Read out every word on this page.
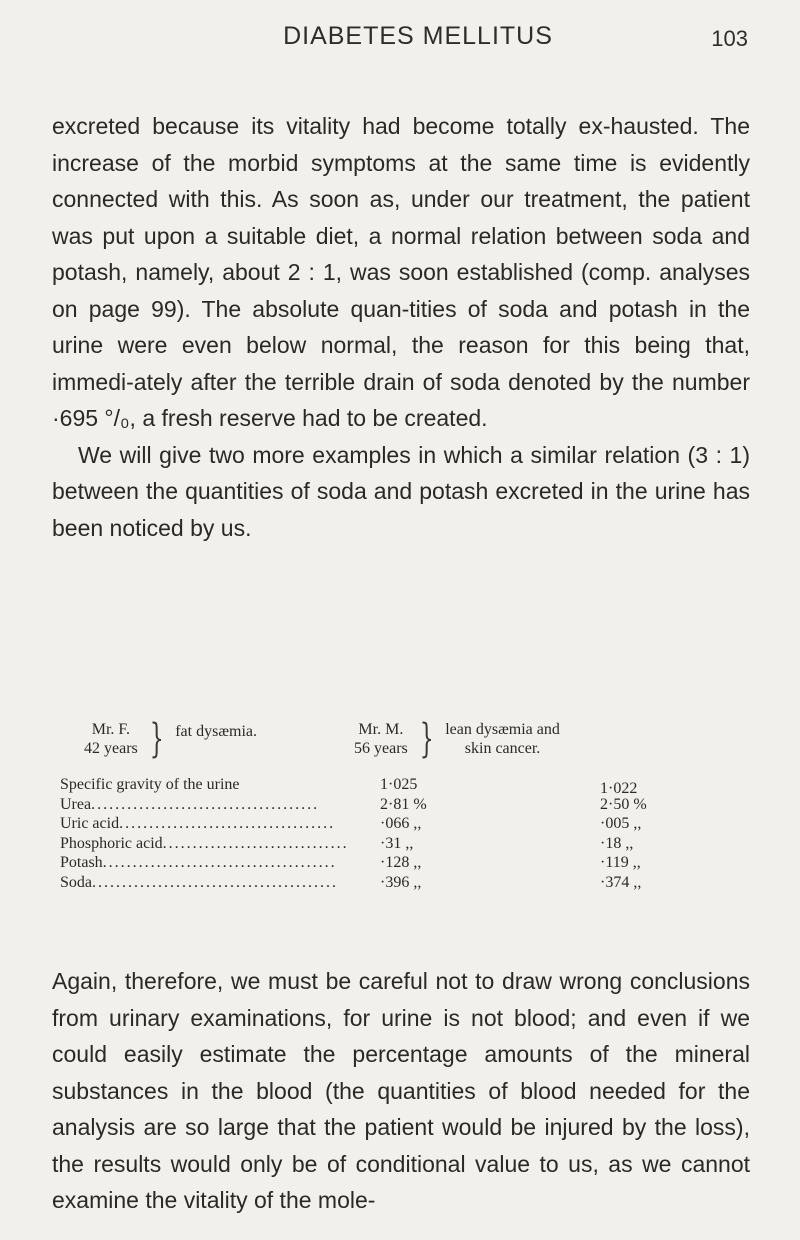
DIABETES MELLITUS	103

excreted because its vitality had become totally ex-hausted. The increase of the morbid symptoms at the same time is evidently connected with this. As soon as, under our treatment, the patient was put upon a suitable diet, a normal relation between soda and potash, namely, about 2 : 1, was soon established (comp. analyses on page 99). The absolute quan-tities of soda and potash in the urine were even below normal, the reason for this being that, immedi-ately after the terrible drain of soda denoted by the number ·695 °/₀, a fresh reserve had to be created.

We will give two more examples in which a similar relation (3 : 1) between the quantities of soda and potash excreted in the urine has been noticed by us.

Mr. F.
42 years } fat dysæmia.	Mr. M.
56 years } lean dysæmia and
skin cancer.
Specific gravity of the urine	1·025	1·022
Urea......................................	2·81 %	2·50 %
Uric acid....................................	·066 ,,	·005 ,,
Phosphoric acid...............................	·31 ,,	·18 ,,
Potash.......................................	·128 ,,	·119 ,,
Soda.........................................	·396 ,,	·374 ,,

Again, therefore, we must be careful not to draw wrong conclusions from urinary examinations, for urine is not blood; and even if we could easily estimate the percentage amounts of the mineral substances in the blood (the quantities of blood needed for the analysis are so large that the patient would be injured by the loss), the results would only be of conditional value to us, as we cannot examine the vitality of the mole-
